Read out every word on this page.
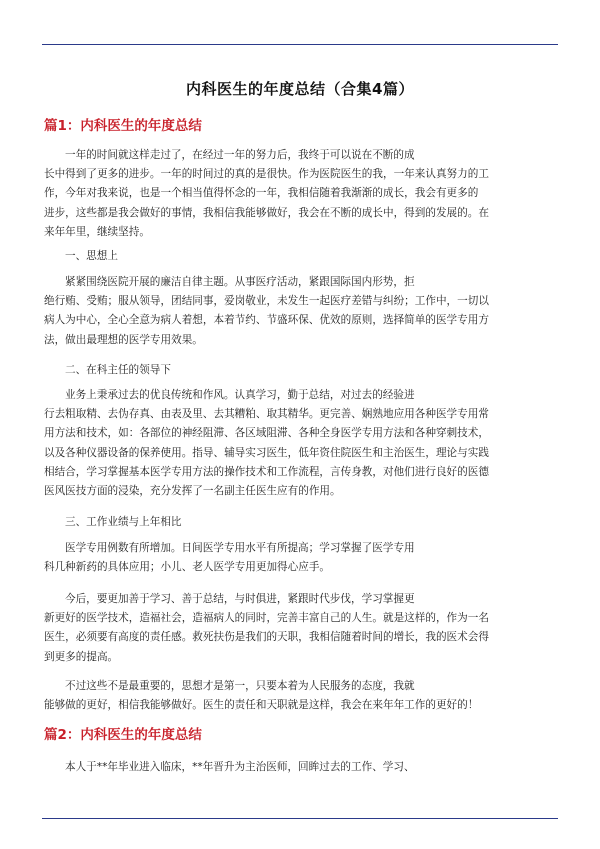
内科医生的年度总结（合集4篇）
篇1：内科医生的年度总结
一年的时间就这样走过了，在经过一年的努力后，我终于可以说在不断的成
长中得到了更多的进步。一年的时间过的真的是很快。作为医院医生的我，一年来认真努力的工
作，今年对我来说，也是一个相当值得怀念的一年，我相信随着我渐渐的成长，我会有更多的
进步，这些都是我会做好的事情，我相信我能够做好，我会在不断的成长中，得到的发展的。在
来年年里，继续坚持。
一、思想上
紧紧围绕医院开展的廉洁自律主题。从事医疗活动，紧跟国际国内形势，拒
绝行贿、受贿；服从领导，团结同事，爱岗敬业，未发生一起医疗差错与纠纷；工作中，一切以
病人为中心，全心全意为病人着想，本着节约、节盛环保、优效的原则，选择简单的医学专用方
法，做出最理想的医学专用效果。
二、在科主任的领导下
业务上秉承过去的优良传统和作风。认真学习，勤于总结，对过去的经验进
行去粗取精、去伪存真、由表及里、去其糟粕、取其精华。更完善、娴熟地应用各种医学专用常
用方法和技术，如：各部位的神经阻滞、各区域阻滞、各种全身医学专用方法和各种穿刺技术，
以及各种仪器设备的保养使用。指导、辅导实习医生，低年资住院医生和主治医生，理论与实践
相结合，学习掌握基本医学专用方法的操作技术和工作流程，言传身教，对他们进行良好的医德
医风医技方面的浸染，充分发挥了一名副主任医生应有的作用。
三、工作业绩与上年相比
医学专用例数有所增加。日间医学专用水平有所提高；学习掌握了医学专用
科几种新药的具体应用；小儿、老人医学专用更加得心应手。
今后，要更加善于学习、善于总结，与时俱进，紧跟时代步伐，学习掌握更
新更好的医学技术，造福社会，造福病人的同时，完善丰富自己的人生。就是这样的，作为一名
医生，必须要有高度的责任感。救死扶伤是我们的天职，我相信随着时间的增长，我的医术会得
到更多的提高。
不过这些不是最重要的，思想才是第一，只要本着为人民服务的态度，我就
能够做的更好，相信我能够做好。医生的责任和天职就是这样，我会在来年年工作的更好的！
篇2：内科医生的年度总结
本人于**年毕业进入临床，**年晋升为主治医师，回眸过去的工作、学习、
